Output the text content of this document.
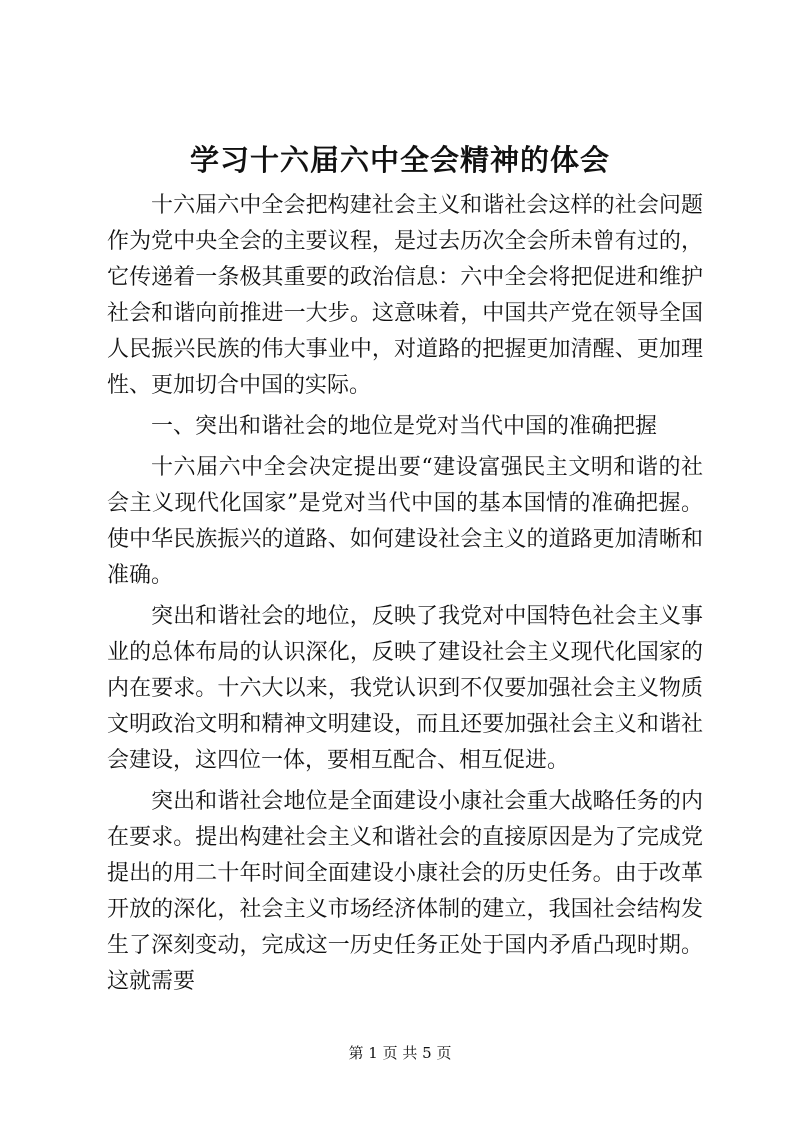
学习十六届六中全会精神的体会

十六届六中全会把构建社会主义和谐社会这样的社会问题作为党中央全会的主要议程，是过去历次全会所未曾有过的，它传递着一条极其重要的政治信息：六中全会将把促进和维护社会和谐向前推进一大步。这意味着，中国共产党在领导全国人民振兴民族的伟大事业中，对道路的把握更加清醒、更加理性、更加切合中国的实际。

一、突出和谐社会的地位是党对当代中国的准确把握

十六届六中全会决定提出要“建设富强民主文明和谐的社会主义现代化国家”是党对当代中国的基本国情的准确把握。使中华民族振兴的道路、如何建设社会主义的道路更加清晰和准确。

突出和谐社会的地位，反映了我党对中国特色社会主义事业的总体布局的认识深化，反映了建设社会主义现代化国家的内在要求。十六大以来，我党认识到不仅要加强社会主义物质文明政治文明和精神文明建设，而且还要加强社会主义和谐社会建设，这四位一体，要相互配合、相互促进。

突出和谐社会地位是全面建设小康社会重大战略任务的内在要求。提出构建社会主义和谐社会的直接原因是为了完成党提出的用二十年时间全面建设小康社会的历史任务。由于改革开放的深化，社会主义市场经济体制的建立，我国社会结构发生了深刻变动，完成这一历史任务正处于国内矛盾凸现时期。这就需要

第 1 页 共 5 页
